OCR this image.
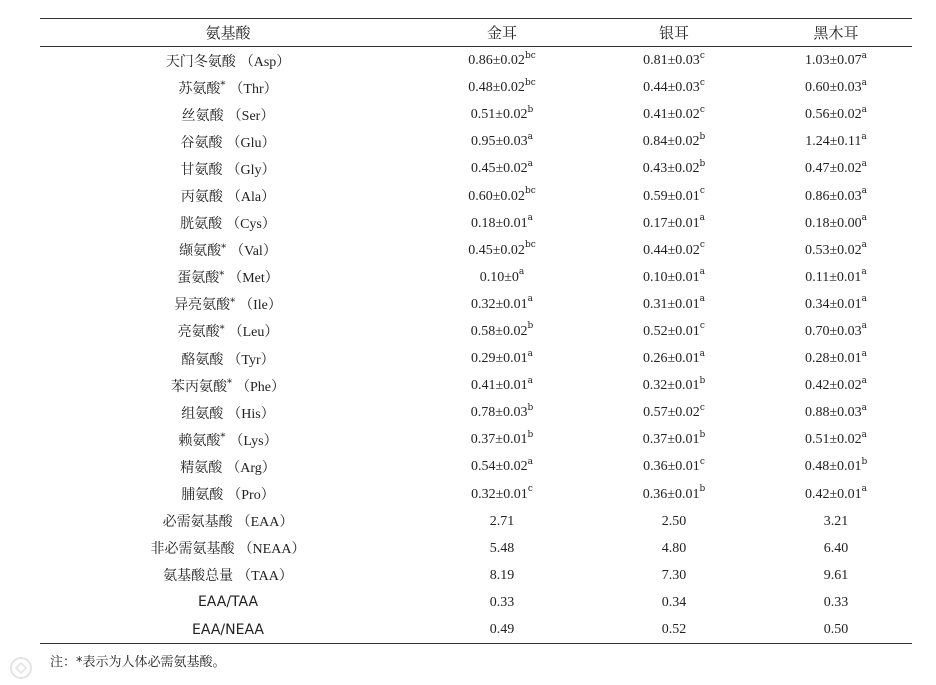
氨基酸	金耳	银耳	黑木耳
天门冬氨酸 （Asp）	0.86±0.02$^{bc}$	0.81±0.03$^c$	1.03±0.07$^a$
苏氨酸* （Thr）	0.48±0.02$^{bc}$	0.44±0.03$^c$	0.60±0.03$^a$
丝氨酸 （Ser）	0.51±0.02$^b$	0.41±0.02$^c$	0.56±0.02$^a$
谷氨酸 （Glu）	0.95±0.03$^a$	0.84±0.02$^b$	1.24±0.11$^a$
甘氨酸 （Gly）	0.45±0.02$^a$	0.43±0.02$^b$	0.47±0.02$^a$
丙氨酸 （Ala）	0.60±0.02$^{bc}$	0.59±0.01$^c$	0.86±0.03$^a$
胱氨酸 （Cys）	0.18±0.01$^a$	0.17±0.01$^a$	0.18±0.00$^a$
缬氨酸* （Val）	0.45±0.02$^{bc}$	0.44±0.02$^c$	0.53±0.02$^a$
蛋氨酸* （Met）	$0.10\pm 0^a$	0.10±0.01$^a$	0.11±0.01$^a$
异亮氨酸* （Ile）	0.32±0.01$^a$	0.31±0.01$^a$	0.34±0.01$^a$
亮氨酸* （Leu）	0.58±0.02$^b$	0.52±0.01$^c$	0.70±0.03$^a$
酪氨酸 （Tyr）	0.29±0.01$^a$	0.26±0.01$^a$	0.28±0.01$^a$
苯丙氨酸* （Phe）	0.41±0.01$^a$	0.32±0.01$^b$	0.42±0.02$^a$
组氨酸 （His）	0.78±0.03$^b$	0.57±0.02$^c$	0.88±0.03$^a$
赖氨酸* （Lys）	0.37±0.01$^b$	0.37±0.01$^b$	0.51±0.02$^a$
精氨酸 （Arg）	0.54±0.02$^a$	0.36±0.01$^c$	0.48±0.01$^b$
脯氨酸 （Pro）	0.32±0.01$^c$	0.36±0.01$^b$	0.42±0.01$^a$
必需氨基酸 （EAA）	2.71	2.50	3.21
非必需氨基酸 （NEAA）	5.48	4.80	6.40
氨基酸总量 （TAA）	8.19	7.30	9.61
EAA/TAA	0.33	0.34	0.33
EAA/NEAA	0.49	0.52	0.50
注：*表示为人体必需氨基酸。
